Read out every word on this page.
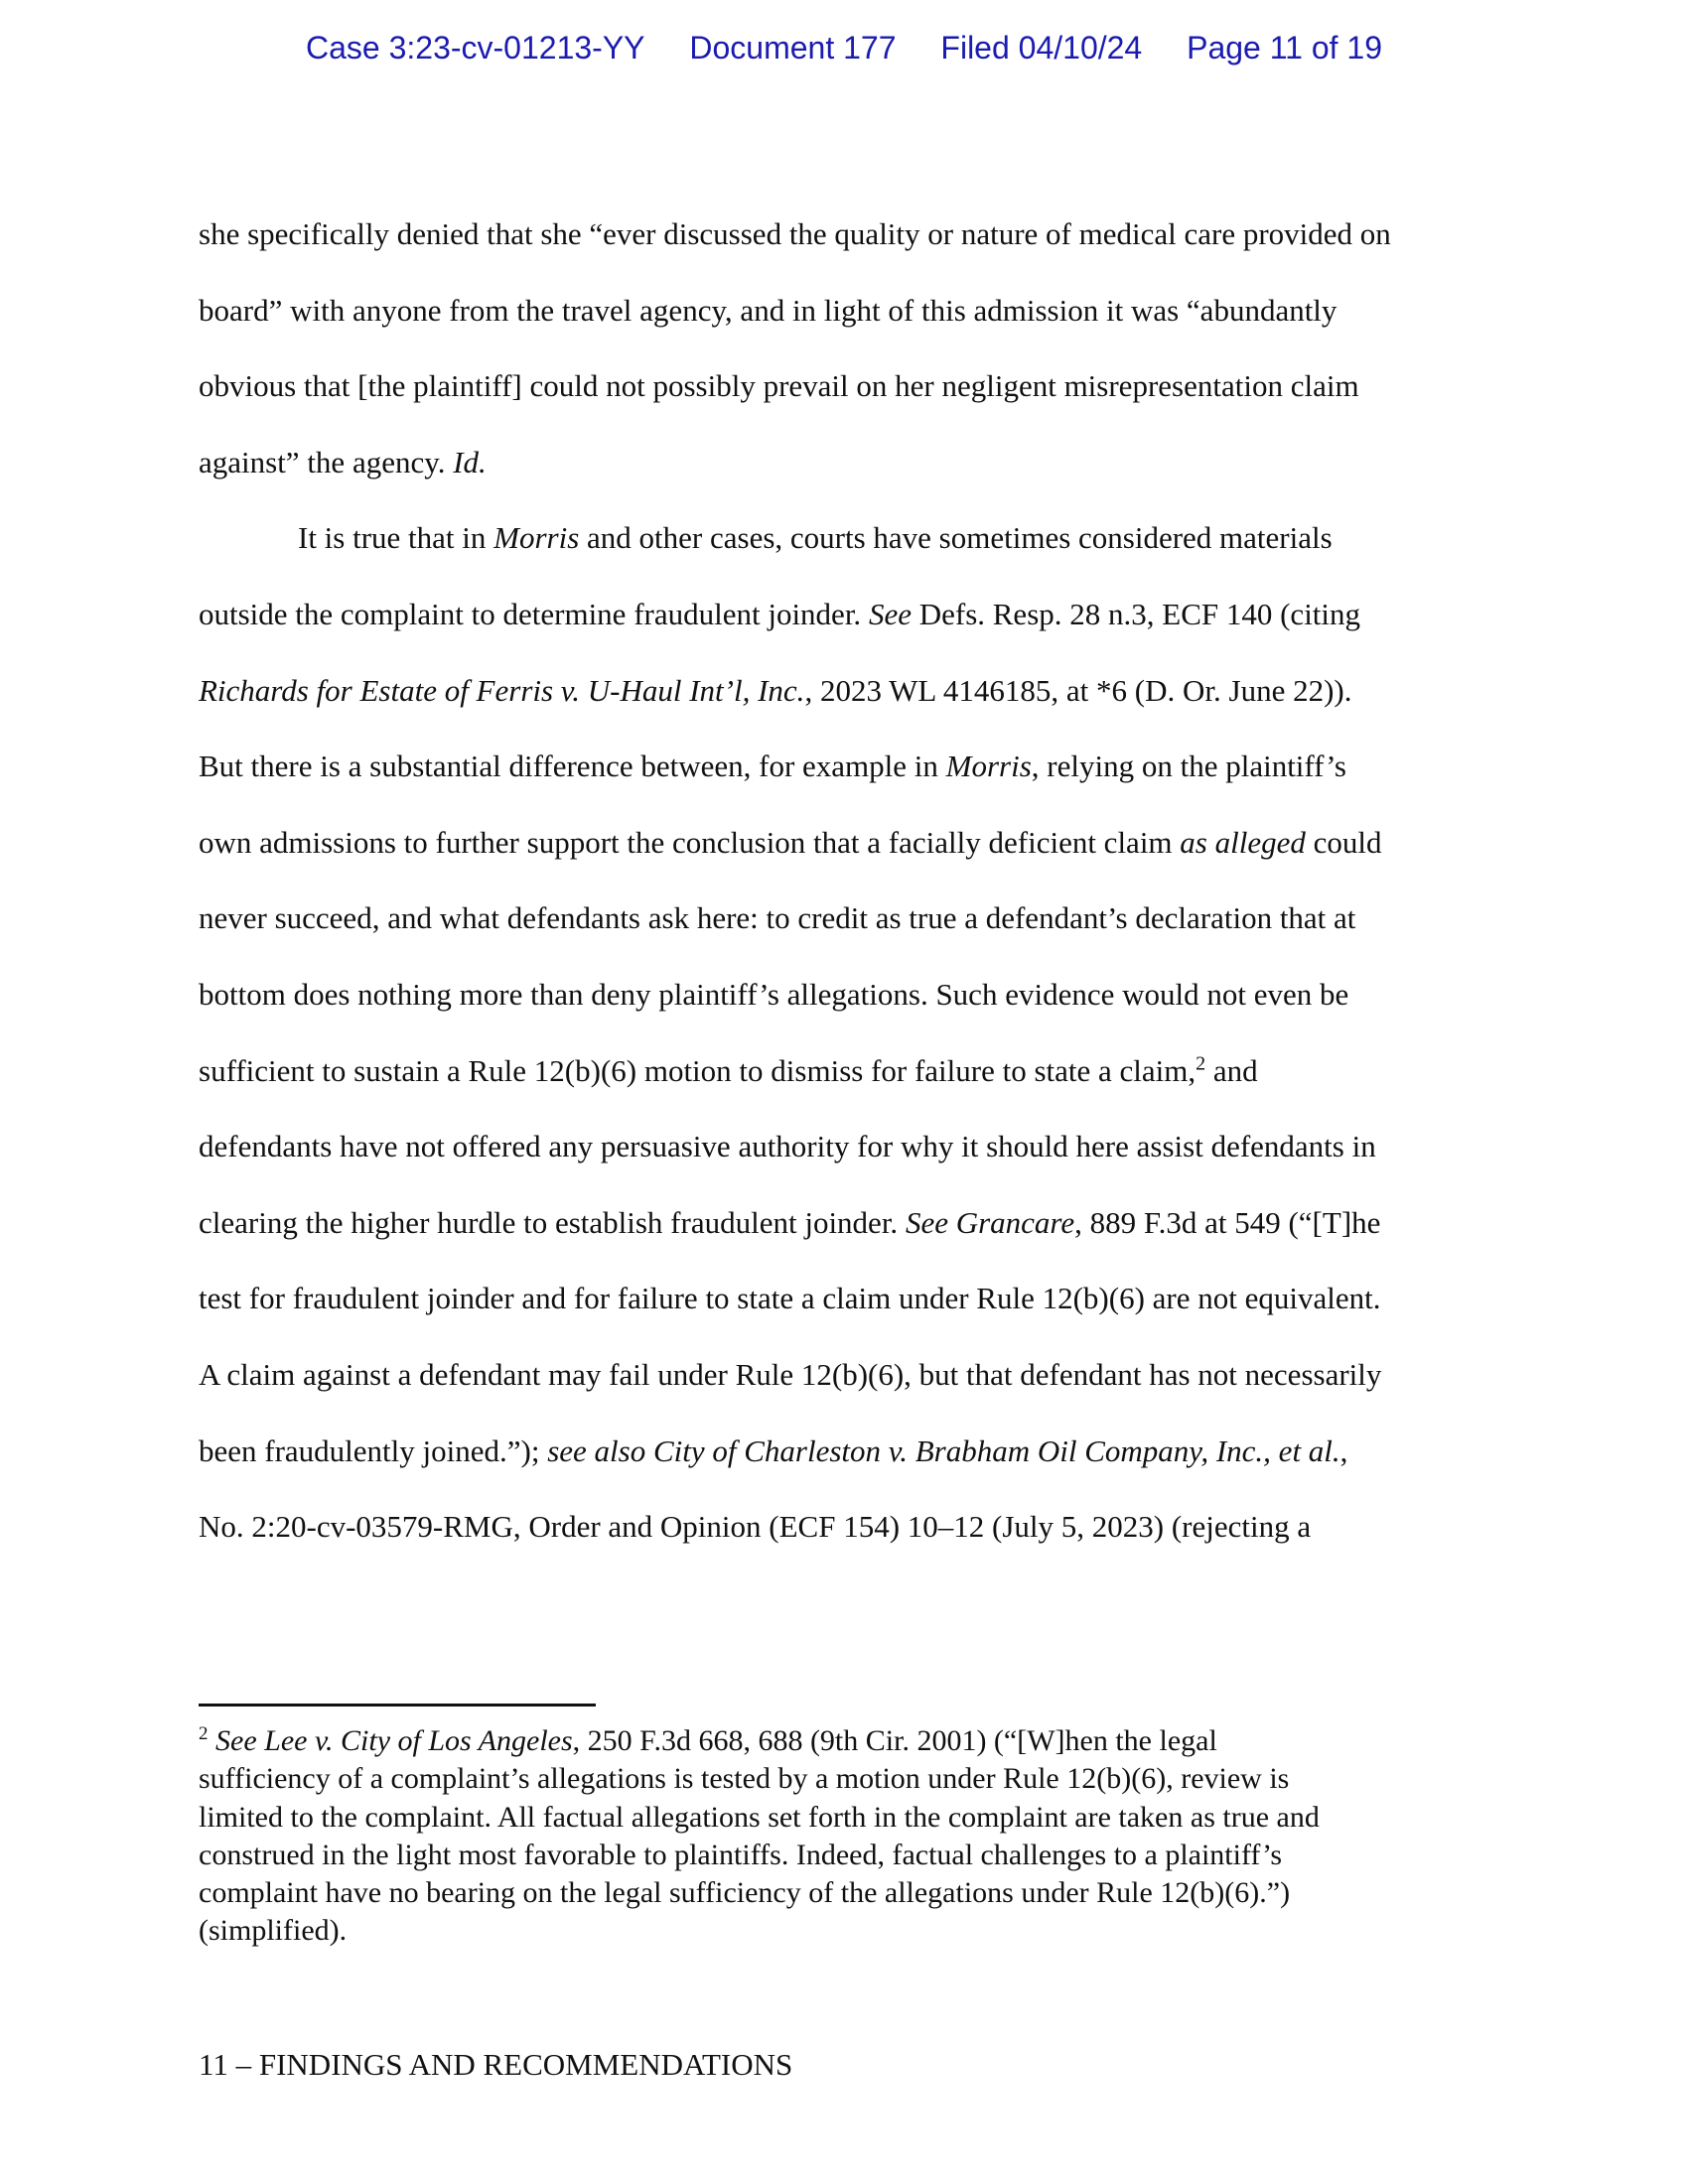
Case 3:23-cv-01213-YY Document 177 Filed 04/10/24 Page 11 of 19
she specifically denied that she “ever discussed the quality or nature of medical care provided on
board” with anyone from the travel agency, and in light of this admission it was “abundantly
obvious that [the plaintiff] could not possibly prevail on her negligent misrepresentation claim
against” the agency. Id.
It is true that in Morris and other cases, courts have sometimes considered materials
outside the complaint to determine fraudulent joinder. See Defs. Resp. 28 n.3, ECF 140 (citing
Richards for Estate of Ferris v. U-Haul Int’l, Inc., 2023 WL 4146185, at *6 (D. Or. June 22)).
But there is a substantial difference between, for example in Morris, relying on the plaintiff’s
own admissions to further support the conclusion that a facially deficient claim as alleged could
never succeed, and what defendants ask here: to credit as true a defendant’s declaration that at
bottom does nothing more than deny plaintiff’s allegations. Such evidence would not even be
sufficient to sustain a Rule 12(b)(6) motion to dismiss for failure to state a claim,$^2$ and
defendants have not offered any persuasive authority for why it should here assist defendants in
clearing the higher hurdle to establish fraudulent joinder. See Grancare, 889 F.3d at 549 (“[T]he
test for fraudulent joinder and for failure to state a claim under Rule 12(b)(6) are not equivalent.
A claim against a defendant may fail under Rule 12(b)(6), but that defendant has not necessarily
been fraudulently joined.”); see also City of Charleston v. Brabham Oil Company, Inc., et al.,
No. 2:20-cv-03579-RMG, Order and Opinion (ECF 154) 10–12 (July 5, 2023) (rejecting a
$^2$ See Lee v. City of Los Angeles, 250 F.3d 668, 688 (9th Cir. 2001) (“[W]hen the legal
sufficiency of a complaint’s allegations is tested by a motion under Rule 12(b)(6), review is
limited to the complaint. All factual allegations set forth in the complaint are taken as true and
construed in the light most favorable to plaintiffs. Indeed, factual challenges to a plaintiff’s
complaint have no bearing on the legal sufficiency of the allegations under Rule 12(b)(6).”)
(simplified).
11 – FINDINGS AND RECOMMENDATIONS
